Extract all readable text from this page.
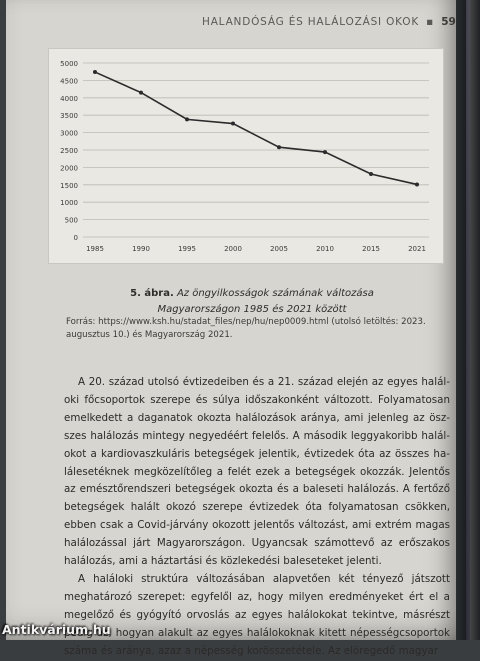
HALANDÓSÁG ÉS HALÁLOZÁSI OKOK ▪ 59
0
500
1000
1500
2000
2500
3000
3500
4000
4500
5000
1985	1990	1995	2000	2005	2010	2015	2021
5. ábra. Az öngyilkosságok számának változása
Magyarországon 1985 és 2021 között
Forrás: https://www.ksh.hu/stadat_files/nep/hu/nep0009.html (utolsó letöltés: 2023.
augusztus 10.) és Magyarország 2021.

A 20. század utolsó évtizedeiben és a 21. század elején az egyes haláloki főcsoportok szerepe és súlya időszakonként változott. Folyamatosan emelkedett a daganatok okozta halálozások aránya, ami jelenleg az öszszes halálozás mintegy negyedéért felelős. A második leggyakoribb halálokot a kardiovaszkuláris betegségek jelentik, évtizedek óta az összes halálesetéknek megközelítőleg a felét ezek a betegségek okozzák. Jelentős az emésztőrendszeri betegségek okozta és a baleseti halálozás. A fertőző betegségek halált okozó szerepe évtizedek óta folyamatosan csökken, ebben csak a Covid-járvány okozott jelentős változást, ami extrém magas halálozással járt Magyarországon. Ugyancsak számottevő az erőszakos halálozás, ami a háztartási és közlekedési baleseteket jelenti.

A haláloki struktúra változásában alapvetően két tényező játszott meghatározó szerepet: egyfelől az, hogy milyen eredményeket ért el a megelőző és gyógyító orvoslás az egyes halálokokat tekintve, másrészt pedig az, hogyan alakult az egyes halálokoknak kitett népességcsoportok száma és aránya, azaz a népesség korösszetétele. Az elöregedő magyar

Antikvárium.hu
